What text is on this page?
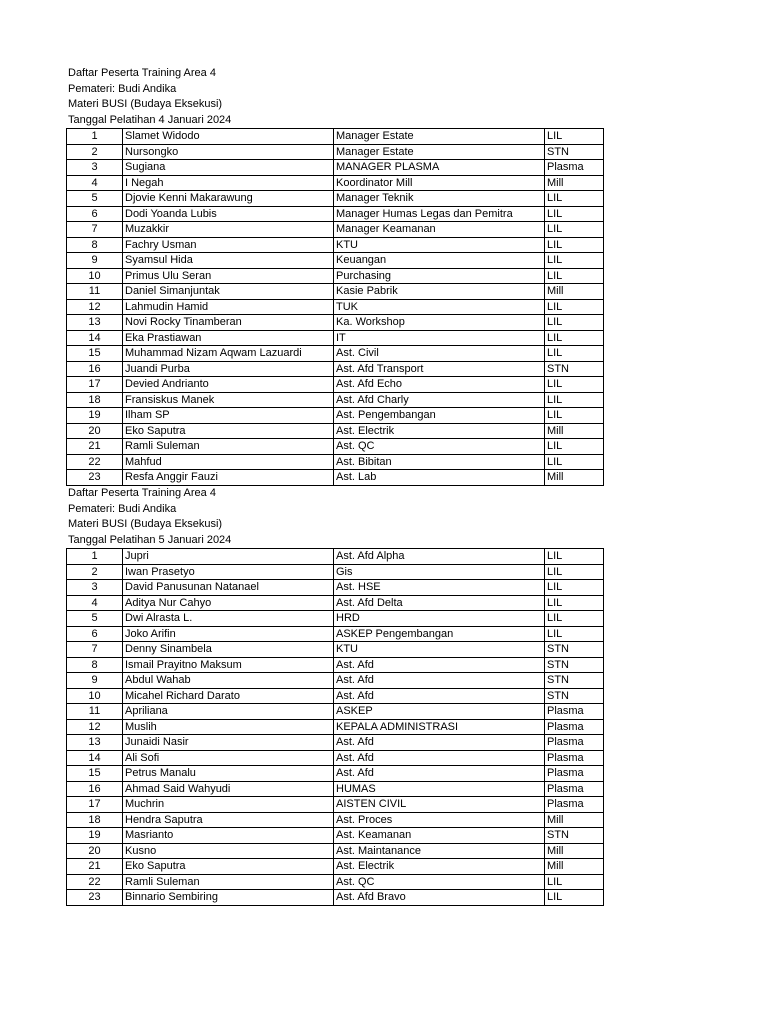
Daftar Peserta Training Area 4
Pemateri: Budi Andika
Materi BUSI (Budaya Eksekusi)
Tanggal Pelatihan 4 Januari 2024
1	Slamet Widodo	Manager Estate	LIL
2	Nursongko	Manager Estate	STN
3	Sugiana	MANAGER PLASMA	Plasma
4	I Negah	Koordinator Mill	Mill
5	Djovie Kenni Makarawung	Manager Teknik	LIL
6	Dodi Yoanda Lubis	Manager Humas Legas dan Pemitra	LIL
7	Muzakkir	Manager Keamanan	LIL
8	Fachry Usman	KTU	LIL
9	Syamsul Hida	Keuangan	LIL
10	Primus Ulu Seran	Purchasing	LIL
11	Daniel Simanjuntak	Kasie Pabrik	Mill
12	Lahmudin Hamid	TUK	LIL
13	Novi Rocky Tinamberan	Ka. Workshop	LIL
14	Eka Prastiawan	IT	LIL
15	Muhammad Nizam Aqwam Lazuardi	Ast. Civil	LIL
16	Juandi Purba	Ast. Afd Transport	STN
17	Devied Andrianto	Ast. Afd Echo	LIL
18	Fransiskus Manek	Ast. Afd Charly	LIL
19	Ilham SP	Ast. Pengembangan	LIL
20	Eko Saputra	Ast. Electrik	Mill
21	Ramli Suleman	Ast. QC	LIL
22	Mahfud	Ast. Bibitan	LIL
23	Resfa Anggir Fauzi	Ast. Lab	Mill
Daftar Peserta Training Area 4
Pemateri: Budi Andika
Materi BUSI (Budaya Eksekusi)
Tanggal Pelatihan 5 Januari 2024
1	Jupri	Ast. Afd Alpha	LIL
2	Iwan Prasetyo	Gis	LIL
3	David Panusunan Natanael	Ast. HSE	LIL
4	Aditya Nur Cahyo	Ast. Afd Delta	LIL
5	Dwi Alrasta L.	HRD	LIL
6	Joko Arifin	ASKEP Pengembangan	LIL
7	Denny Sinambela	KTU	STN
8	Ismail Prayitno Maksum	Ast. Afd	STN
9	Abdul Wahab	Ast. Afd	STN
10	Micahel Richard Darato	Ast. Afd	STN
11	Apriliana	ASKEP	Plasma
12	Muslih	KEPALA ADMINISTRASI	Plasma
13	Junaidi Nasir	Ast. Afd	Plasma
14	Ali Sofi	Ast. Afd	Plasma
15	Petrus Manalu	Ast. Afd	Plasma
16	Ahmad Said Wahyudi	HUMAS	Plasma
17	Muchrin	AISTEN CIVIL	Plasma
18	Hendra Saputra	Ast. Proces	Mill
19	Masrianto	Ast. Keamanan	STN
20	Kusno	Ast. Maintanance	Mill
21	Eko Saputra	Ast. Electrik	Mill
22	Ramli Suleman	Ast. QC	LIL
23	Binnario Sembiring	Ast. Afd Bravo	LIL
